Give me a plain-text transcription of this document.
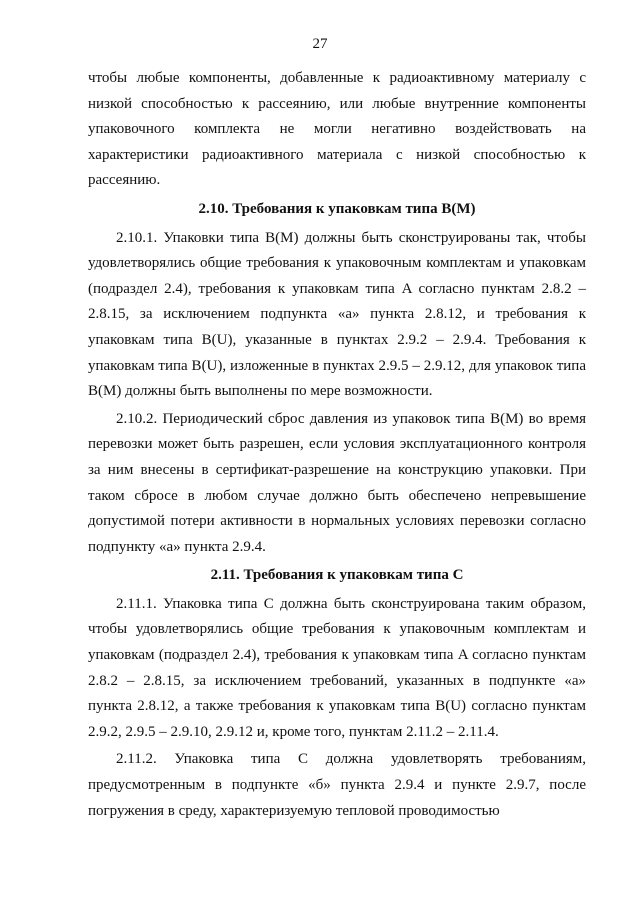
27

чтобы любые компоненты, добавленные к радиоактивному материалу с низкой способностью к рассеянию, или любые внутренние компоненты упаковочного комплекта не могли негативно воздействовать на характеристики радиоактивного материала с низкой способностью к рассеянию.

2.10. Требования к упаковкам типа B(M)

2.10.1. Упаковки типа B(M) должны быть сконструированы так, чтобы удовлетворялись общие требования к упаковочным комплектам и упаковкам (подраздел 2.4), требования к упаковкам типа A согласно пунктам 2.8.2 – 2.8.15, за исключением подпункта «а» пункта 2.8.12, и требования к упаковкам типа B(U), указанные в пунктах 2.9.2 – 2.9.4. Требования к упаковкам типа B(U), изложенные в пунктах 2.9.5 – 2.9.12, для упаковок типа B(M) должны быть выполнены по мере возможности.

2.10.2. Периодический сброс давления из упаковок типа B(M) во время перевозки может быть разрешен, если условия эксплуатационного контроля за ним внесены в сертификат-разрешение на конструкцию упаковки. При таком сбросе в любом случае должно быть обеспечено непревышение допустимой потери активности в нормальных условиях перевозки согласно подпункту «а» пункта 2.9.4.

2.11. Требования к упаковкам типа C

2.11.1. Упаковка типа C должна быть сконструирована таким образом, чтобы удовлетворялись общие требования к упаковочным комплектам и упаковкам (подраздел 2.4), требования к упаковкам типа A согласно пунктам 2.8.2 – 2.8.15, за исключением требований, указанных в подпункте «а» пункта 2.8.12, а также требования к упаковкам типа B(U) согласно пунктам 2.9.2, 2.9.5 – 2.9.10, 2.9.12 и, кроме того, пунктам 2.11.2 – 2.11.4.

2.11.2. Упаковка типа C должна удовлетворять требованиям, предусмотренным в подпункте «б» пункта 2.9.4 и пункте 2.9.7, после погружения в среду, характеризуемую тепловой проводимостью
